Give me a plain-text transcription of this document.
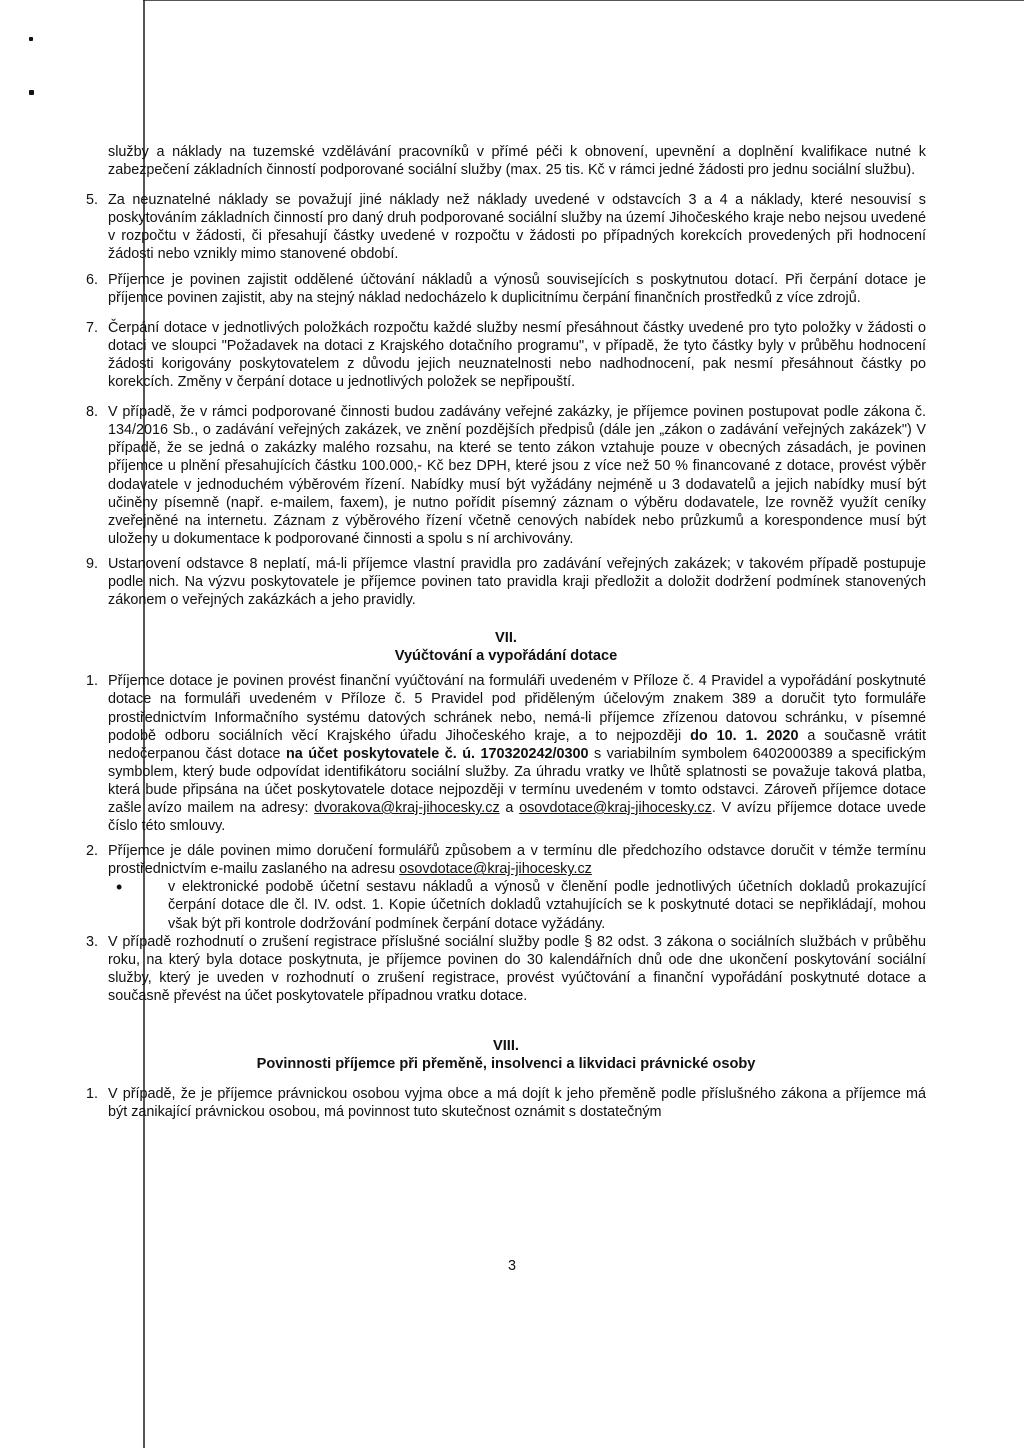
služby a náklady na tuzemské vzdělávání pracovníků v přímé péči k obnovení, upevnění a doplnění kvalifikace nutné k zabezpečení základních činností podporované sociální služby (max. 25 tis. Kč v rámci jedné žádosti pro jednu sociální službu).
5. Za neuznatelné náklady se považují jiné náklady než náklady uvedené v odstavcích 3 a 4 a náklady, které nesouvisí s poskytováním základních činností pro daný druh podporované sociální služby na území Jihočeského kraje nebo nejsou uvedené v rozpočtu v žádosti, či přesahují částky uvedené v rozpočtu v žádosti po případných korekcích provedených při hodnocení žádosti nebo vznikly mimo stanovené období.
6. Příjemce je povinen zajistit oddělené účtování nákladů a výnosů souvisejících s poskytnutou dotací. Při čerpání dotace je příjemce povinen zajistit, aby na stejný náklad nedocházelo k duplicitnímu čerpání finančních prostředků z více zdrojů.
7. Čerpání dotace v jednotlivých položkách rozpočtu každé služby nesmí přesáhnout částky uvedené pro tyto položky v žádosti o dotaci ve sloupci "Požadavek na dotaci z Krajského dotačního programu", v případě, že tyto částky byly v průběhu hodnocení žádosti korigovány poskytovatelem z důvodu jejich neuznatelnosti nebo nadhodnocení, pak nesmí přesáhnout částky po korekcích. Změny v čerpání dotace u jednotlivých položek se nepřipouští.
8. V případě, že v rámci podporované činnosti budou zadávány veřejné zakázky, je příjemce povinen postupovat podle zákona č. 134/2016 Sb., o zadávání veřejných zakázek, ve znění pozdějších předpisů (dále jen „zákon o zadávání veřejných zakázek") V případě, že se jedná o zakázky malého rozsahu, na které se tento zákon vztahuje pouze v obecných zásadách, je povinen příjemce u plnění přesahujících částku 100.000,- Kč bez DPH, které jsou z více než 50 % financované z dotace, provést výběr dodavatele v jednoduchém výběrovém řízení. Nabídky musí být vyžádány nejméně u 3 dodavatelů a jejich nabídky musí být učiněny písemně (např. e-mailem, faxem), je nutno pořídit písemný záznam o výběru dodavatele, lze rovněž využít ceníky zveřejněné na internetu. Záznam z výběrového řízení včetně cenových nabídek nebo průzkumů a korespondence musí být uloženy u dokumentace k podporované činnosti a spolu s ní archivovány.
9. Ustanovení odstavce 8 neplatí, má-li příjemce vlastní pravidla pro zadávání veřejných zakázek; v takovém případě postupuje podle nich. Na výzvu poskytovatele je příjemce povinen tato pravidla kraji předložit a doložit dodržení podmínek stanovených zákonem o veřejných zakázkách a jeho pravidly.
VII.
Vyúčtování a vypořádání dotace
1. Příjemce dotace je povinen provést finanční vyúčtování na formuláři uvedeném v Příloze č. 4 Pravidel a vypořádání poskytnuté dotace na formuláři uvedeném v Příloze č. 5 Pravidel pod přiděleným účelovým znakem 389 a doručit tyto formuláře prostřednictvím Informačního systému datových schránek nebo, nemá-li příjemce zřízenou datovou schránku, v písemné podobě odboru sociálních věcí Krajského úřadu Jihočeského kraje, a to nejpozději do 10. 1. 2020 a současně vrátit nedočerpanou část dotace na účet poskytovatele č. ú. 170320242/0300 s variabilním symbolem 6402000389 a specifickým symbolem, který bude odpovídat identifikátoru sociální služby. Za úhradu vratky ve lhůtě splatnosti se považuje taková platba, která bude připsána na účet poskytovatele dotace nejpozději v termínu uvedeném v tomto odstavci. Zároveň příjemce dotace zašle avízo mailem na adresy: dvorakova@kraj-jihocesky.cz a osovdotace@kraj-jihocesky.cz. V avízu příjemce dotace uvede číslo této smlouvy.
2. Příjemce je dále povinen mimo doručení formulářů způsobem a v termínu dle předchozího odstavce doručit v témže termínu prostřednictvím e-mailu zaslaného na adresu osovdotace@kraj-jihocesky.cz
•	v elektronické podobě účetní sestavu nákladů a výnosů v členění podle jednotlivých účetních dokladů prokazující čerpání dotace dle čl. IV. odst. 1. Kopie účetních dokladů vztahujících se k poskytnuté dotaci se nepřikládají, mohou však být při kontrole dodržování podmínek čerpání dotace vyžádány.
3. V případě rozhodnutí o zrušení registrace příslušné sociální služby podle § 82 odst. 3 zákona o sociálních službách v průběhu roku, na který byla dotace poskytnuta, je příjemce povinen do 30 kalendářních dnů ode dne ukončení poskytování sociální služby, který je uveden v rozhodnutí o zrušení registrace, provést vyúčtování a finanční vypořádání poskytnuté dotace a současně převést na účet poskytovatele případnou vratku dotace.
VIII.
Povinnosti příjemce při přeměně, insolvenci a likvidaci právnické osoby
1. V případě, že je příjemce právnickou osobou vyjma obce a má dojít k jeho přeměně podle příslušného zákona a příjemce má být zanikající právnickou osobou, má povinnost tuto skutečnost oznámit s dostatečným
3
